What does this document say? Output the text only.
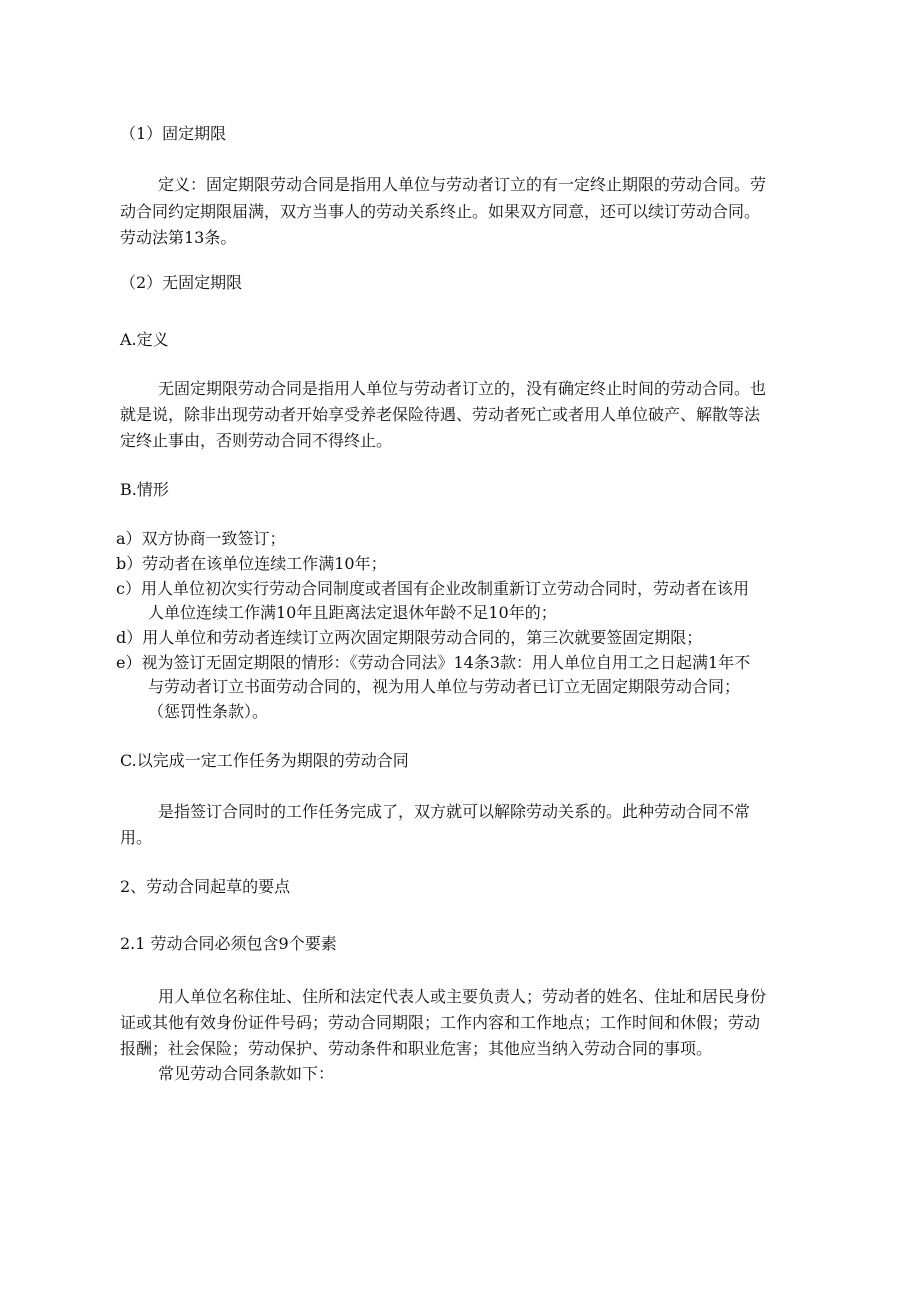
（1）固定期限
定义：固定期限劳动合同是指用人单位与劳动者订立的有一定终止期限的劳动合同。劳
动合同约定期限届满，双方当事人的劳动关系终止。如果双方同意，还可以续订劳动合同。
劳动法第13条。
（2）无固定期限
A.定义
无固定期限劳动合同是指用人单位与劳动者订立的，没有确定终止时间的劳动合同。也
就是说，除非出现劳动者开始享受养老保险待遇、劳动者死亡或者用人单位破产、解散等法
定终止事由，否则劳动合同不得终止。
B.情形
a）双方协商一致签订；
b）劳动者在该单位连续工作满10年；
c）用人单位初次实行劳动合同制度或者国有企业改制重新订立劳动合同时，劳动者在该用
人单位连续工作满10年且距离法定退休年龄不足10年的；
d）用人单位和劳动者连续订立两次固定期限劳动合同的，第三次就要签固定期限；
e）视为签订无固定期限的情形：《劳动合同法》14条3款：用人单位自用工之日起满1年不
与劳动者订立书面劳动合同的，视为用人单位与劳动者已订立无固定期限劳动合同；
（惩罚性条款）。
C.以完成一定工作任务为期限的劳动合同
是指签订合同时的工作任务完成了，双方就可以解除劳动关系的。此种劳动合同不常
用。
2、劳动合同起草的要点
2.1 劳动合同必须包含9个要素
用人单位名称住址、住所和法定代表人或主要负责人；劳动者的姓名、住址和居民身份
证或其他有效身份证件号码；劳动合同期限；工作内容和工作地点；工作时间和休假；劳动
报酬；社会保险；劳动保护、劳动条件和职业危害；其他应当纳入劳动合同的事项。
常见劳动合同条款如下：
